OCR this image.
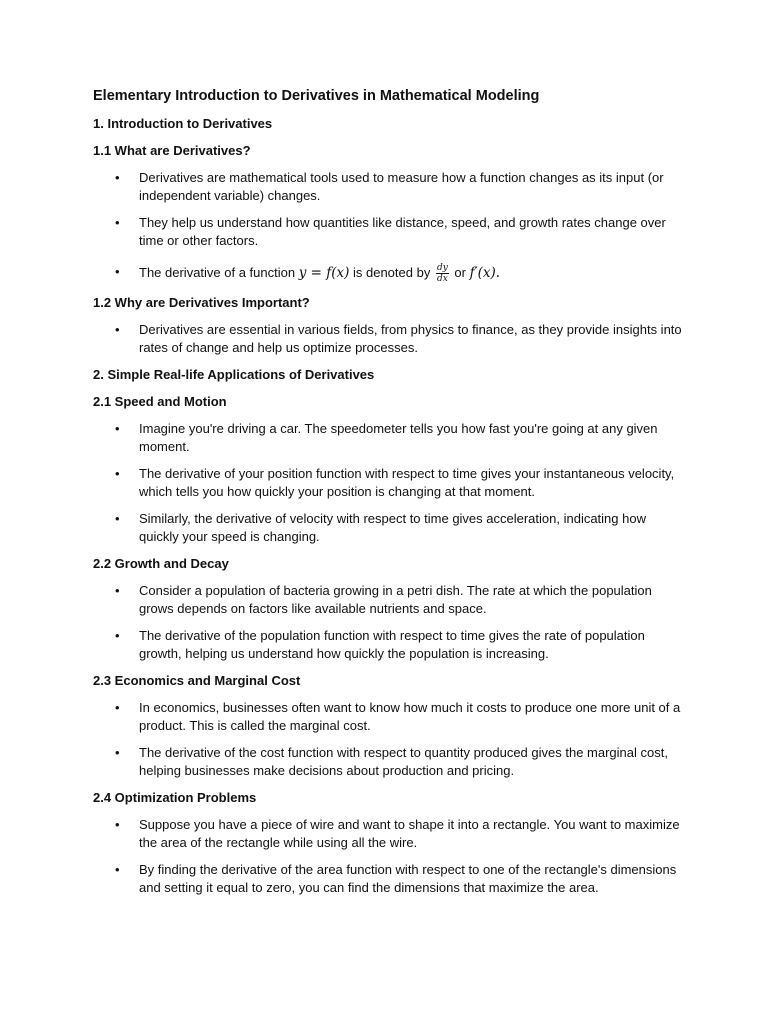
Elementary Introduction to Derivatives in Mathematical Modeling
1. Introduction to Derivatives
1.1 What are Derivatives?
• Derivatives are mathematical tools used to measure how a function changes as its input (or independent variable) changes.
• They help us understand how quantities like distance, speed, and growth rates change over time or other factors.
• The derivative of a function y = f(x) is denoted by $\frac{dy}{dx}$ or f′(x).
1.2 Why are Derivatives Important?
• Derivatives are essential in various fields, from physics to finance, as they provide insights into rates of change and help us optimize processes.
2. Simple Real-life Applications of Derivatives
2.1 Speed and Motion
• Imagine you're driving a car. The speedometer tells you how fast you're going at any given moment.
• The derivative of your position function with respect to time gives your instantaneous velocity, which tells you how quickly your position is changing at that moment.
• Similarly, the derivative of velocity with respect to time gives acceleration, indicating how quickly your speed is changing.
2.2 Growth and Decay
• Consider a population of bacteria growing in a petri dish. The rate at which the population grows depends on factors like available nutrients and space.
• The derivative of the population function with respect to time gives the rate of population growth, helping us understand how quickly the population is increasing.
2.3 Economics and Marginal Cost
• In economics, businesses often want to know how much it costs to produce one more unit of a product. This is called the marginal cost.
• The derivative of the cost function with respect to quantity produced gives the marginal cost, helping businesses make decisions about production and pricing.
2.4 Optimization Problems
• Suppose you have a piece of wire and want to shape it into a rectangle. You want to maximize the area of the rectangle while using all the wire.
• By finding the derivative of the area function with respect to one of the rectangle's dimensions and setting it equal to zero, you can find the dimensions that maximize the area.
